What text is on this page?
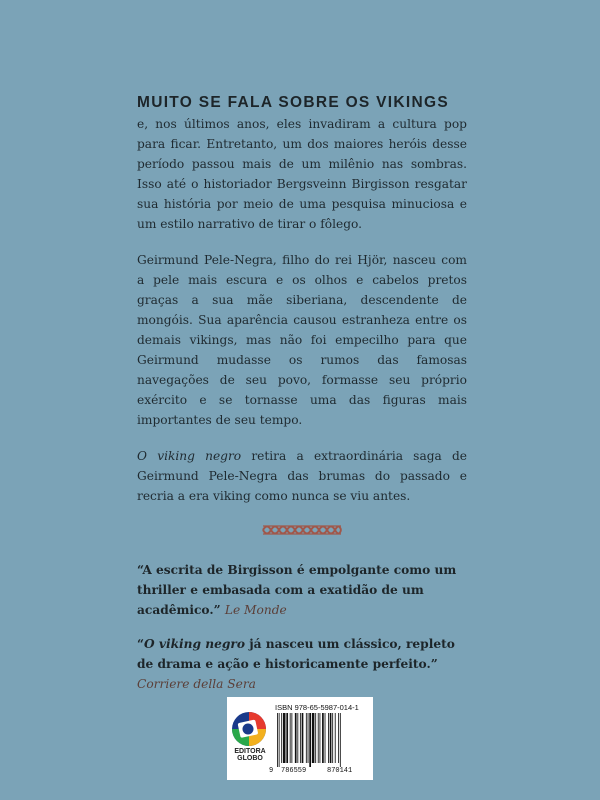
MUITO SE FALA SOBRE OS VIKINGS

e, nos últimos anos, eles invadiram a cultura pop para ficar. Entretanto, um dos maiores heróis desse período passou mais de um milênio nas sombras. Isso até o historiador Bergsveinn Birgisson resgatar sua história por meio de uma pesquisa minuciosa e um estilo narrativo de tirar o fôlego.

Geirmund Pele-Negra, filho do rei Hjör, nasceu com a pele mais escura e os olhos e cabelos pretos graças a sua mãe siberiana, descendente de mongóis. Sua aparência causou estranheza entre os demais vikings, mas não foi empecilho para que Geirmund mudasse os rumos das famosas navegações de seu povo, formasse seu próprio exército e se tornasse uma das figuras mais importantes de seu tempo.

O viking negro retira a extraordinária saga de Geirmund Pele-Negra das brumas do passado e recria a era viking como nunca se viu antes.

“A escrita de Birgisson é empolgante como um thriller e embasada com a exatidão de um acadêmico.” Le Monde

“O viking negro já nasceu um clássico, repleto de drama e ação e historicamente perfeito.” Corriere della Sera

EDITORA
GLOBO
ISBN 978-65-5987-014-1
9 786559	870141
